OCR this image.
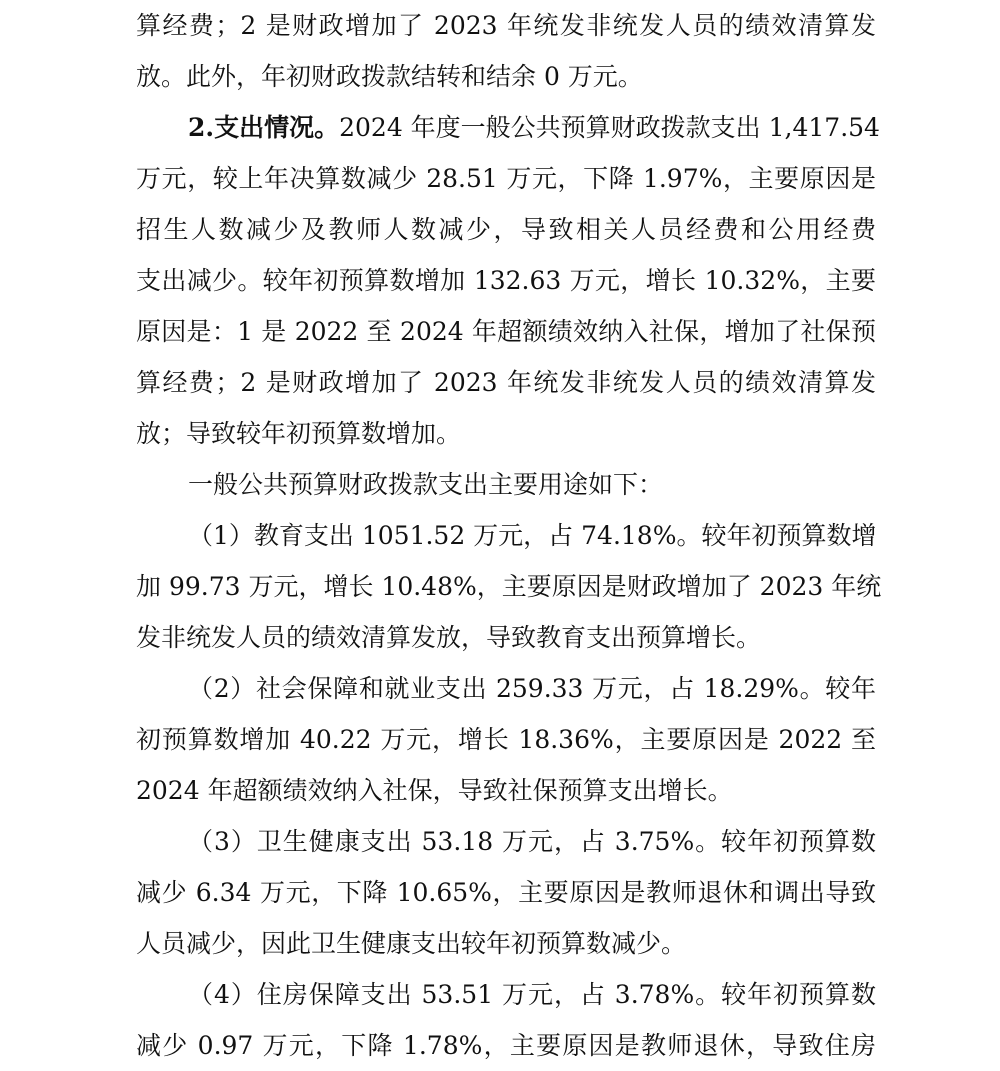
算经费；2 是财政增加了 2023 年统发非统发人员的绩效清算发
放。此外，年初财政拨款结转和结余 0 万元。

2.支出情况。2024 年度一般公共预算财政拨款支出 1,417.54
万元，较上年决算数减少 28.51 万元，下降 1.97%，主要原因是
招生人数减少及教师人数减少，导致相关人员经费和公用经费
支出减少。较年初预算数增加 132.63 万元，增长 10.32%，主要
原因是：1 是 2022 至 2024 年超额绩效纳入社保，增加了社保预
算经费；2 是财政增加了 2023 年统发非统发人员的绩效清算发
放；导致较年初预算数增加。

一般公共预算财政拨款支出主要用途如下：

（1）教育支出 1051.52 万元，占 74.18%。较年初预算数增
加 99.73 万元，增长 10.48%，主要原因是财政增加了 2023 年统
发非统发人员的绩效清算发放，导致教育支出预算增长。

（2）社会保障和就业支出 259.33 万元，占 18.29%。较年
初预算数增加 40.22 万元，增长 18.36%，主要原因是 2022 至
2024 年超额绩效纳入社保，导致社保预算支出增长。

（3）卫生健康支出 53.18 万元，占 3.75%。较年初预算数
减少 6.34 万元，下降 10.65%，主要原因是教师退休和调出导致
人员减少，因此卫生健康支出较年初预算数减少。

（4）住房保障支出 53.51 万元，占 3.78%。较年初预算数
减少 0.97 万元，下降 1.78%，主要原因是教师退休，导致住房
